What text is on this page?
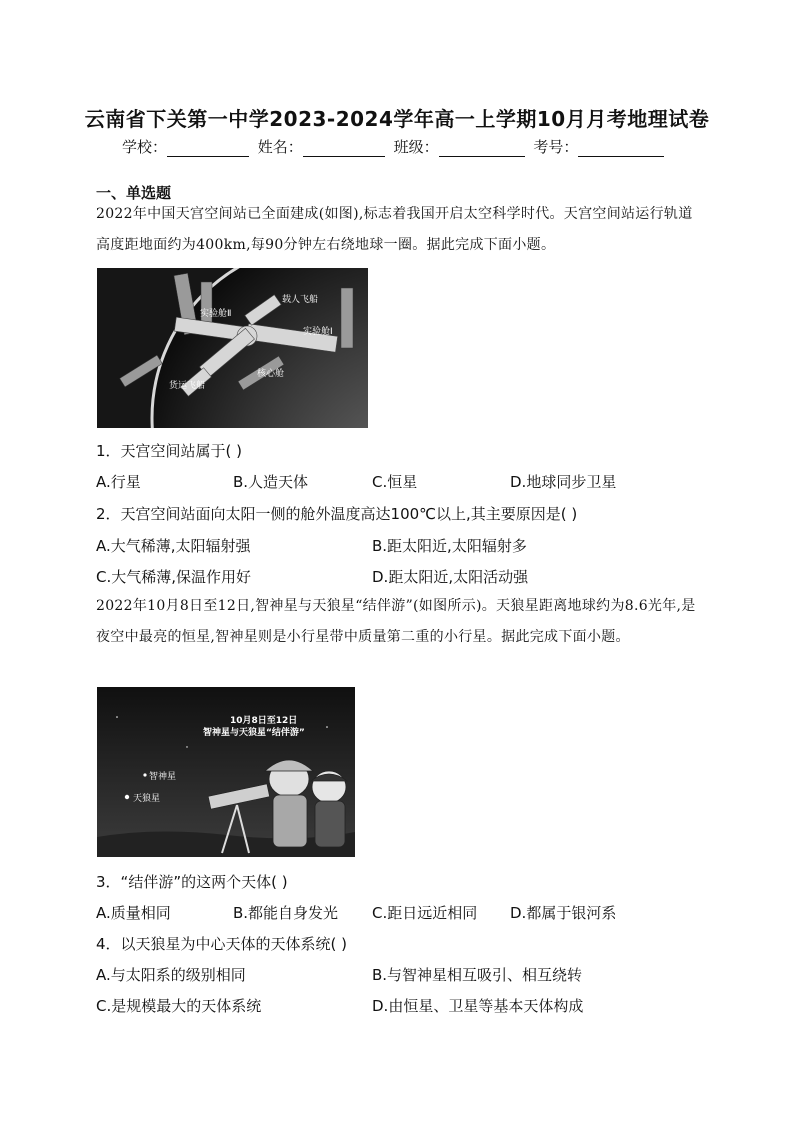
云南省下关第一中学2023-2024学年高一上学期10月月考地理试卷
学校：	姓名：	班级：	考号：
一、单选题
2022年中国天宫空间站已全面建成(如图),标志着我国开启太空科学时代。天宫空间站运行轨道高度距地面约为400km,每90分钟左右绕地球一圈。据此完成下面小题。
载人飞船
实验舱Ⅱ
实验舱Ⅰ
核心舱
货运飞船
1．天宫空间站属于( )
A.行星	B.人造天体	C.恒星	D.地球同步卫星
2．天宫空间站面向太阳一侧的舱外温度高达100℃以上,其主要原因是( )
A.大气稀薄,太阳辐射强	B.距太阳近,太阳辐射多
C.大气稀薄,保温作用好	D.距太阳近,太阳活动强
2022年10月8日至12日,智神星与天狼星“结伴游”(如图所示)。天狼星距离地球约为8.6光年,是夜空中最亮的恒星,智神星则是小行星带中质量第二重的小行星。据此完成下面小题。
10月8日至12日
智神星与天狼星“结伴游”
智神星
天狼星
3．“结伴游”的这两个天体( )
A.质量相同	B.都能自身发光 C.距日远近相同 D.都属于银河系
4．以天狼星为中心天体的天体系统( )
A.与太阳系的级别相同	B.与智神星相互吸引、相互绕转
C.是规模最大的天体系统	D.由恒星、卫星等基本天体构成
